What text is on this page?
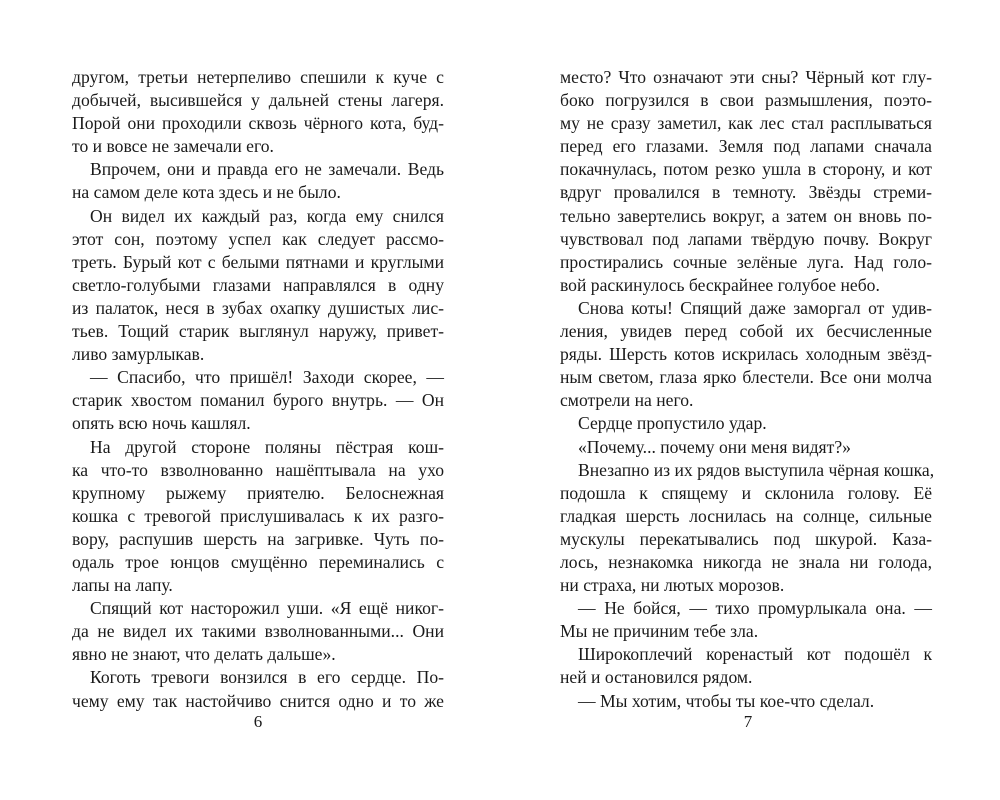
другом, третьи нетерпеливо спешили к куче с
добычей, высившейся у дальней стены лагеря.
Порой они проходили сквозь чёрного кота, буд-
то и вовсе не замечали его.
Впрочем, они и правда его не замечали. Ведь
на самом деле кота здесь и не было.
Он видел их каждый раз, когда ему снился
этот сон, поэтому успел как следует рассмо-
треть. Бурый кот с белыми пятнами и круглыми
светло-голубыми глазами направлялся в одну
из палаток, неся в зубах охапку душистых лис-
тьев. Тощий старик выглянул наружу, привет-
ливо замурлыкав.
— Спасибо, что пришёл! Заходи скорее, —
старик хвостом поманил бурого внутрь. — Он
опять всю ночь кашлял.
На другой стороне поляны пёстрая кош-
ка что-то взволнованно нашёптывала на ухо
крупному рыжему приятелю. Белоснежная
кошка с тревогой прислушивалась к их разго-
вору, распушив шерсть на загривке. Чуть по-
одаль трое юнцов смущённо переминались с
лапы на лапу.
Спящий кот насторожил уши. «Я ещё никог-
да не видел их такими взволнованными... Они
явно не знают, что делать дальше».
Коготь тревоги вонзился в его сердце. По-
чему ему так настойчиво снится одно и то же
6
место? Что означают эти сны? Чёрный кот глу-
боко погрузился в свои размышления, поэто-
му не сразу заметил, как лес стал расплываться
перед его глазами. Земля под лапами сначала
покачнулась, потом резко ушла в сторону, и кот
вдруг провалился в темноту. Звёзды стреми-
тельно завертелись вокруг, а затем он вновь по-
чувствовал под лапами твёрдую почву. Вокруг
простирались сочные зелёные луга. Над голо-
вой раскинулось бескрайнее голубое небо.
Снова коты! Спящий даже заморгал от удив-
ления, увидев перед собой их бесчисленные
ряды. Шерсть котов искрилась холодным звёзд-
ным светом, глаза ярко блестели. Все они молча
смотрели на него.
Сердце пропустило удар.
«Почему... почему они меня видят?»
Внезапно из их рядов выступила чёрная кошка,
подошла к спящему и склонила голову. Её
гладкая шерсть лоснилась на солнце, сильные
мускулы перекатывались под шкурой. Каза-
лось, незнакомка никогда не знала ни голода,
ни страха, ни лютых морозов.
— Не бойся, — тихо промурлыкала она. —
Мы не причиним тебе зла.
Широкоплечий коренастый кот подошёл к
ней и остановился рядом.
— Мы хотим, чтобы ты кое-что сделал.
7
